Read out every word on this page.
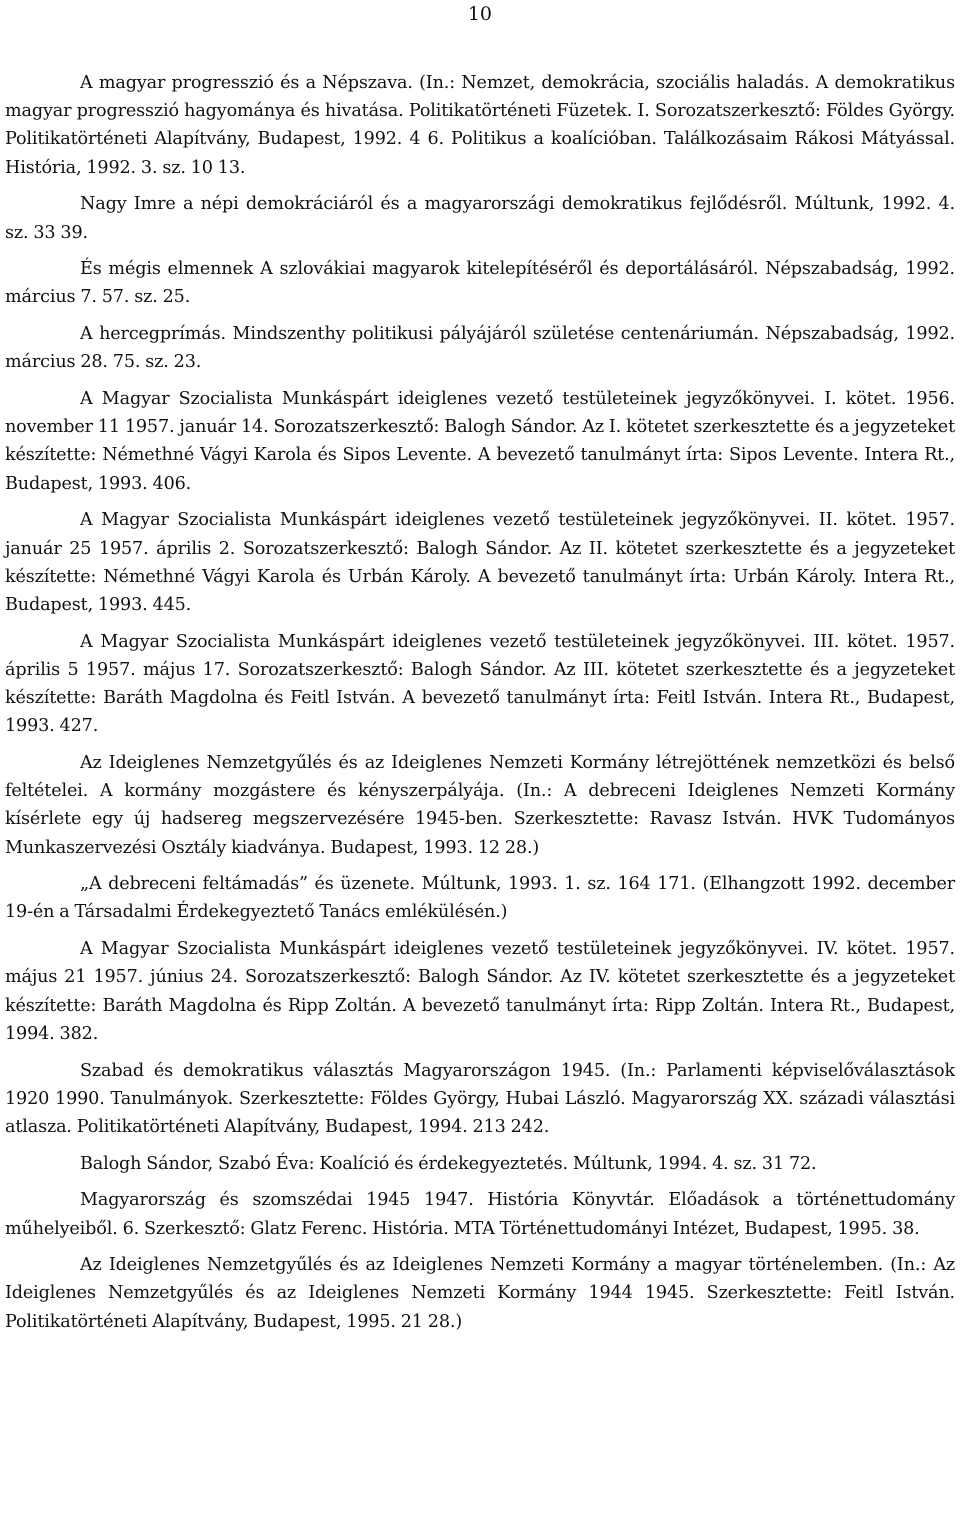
10

A magyar progresszió és a Népszava. (In.: Nemzet, demokrácia, szociális haladás. A demokratikus magyar progresszió hagyománya és hivatása. Politikatörténeti Füzetek. I. Sorozatszerkesztő: Földes György. Politikatörténeti Alapítvány, Budapest, 1992. 4 6. Politikus a koalícióban. Találkozásaim Rákosi Mátyással. História, 1992. 3. sz. 10 13.

Nagy Imre a népi demokráciáról és a magyarországi demokratikus fejlődésről. Múltunk, 1992. 4. sz. 33 39.

És mégis elmennek A szlovákiai magyarok kitelepítéséről és deportálásáról. Népszabadság, 1992. március 7. 57. sz. 25.

A hercegprímás. Mindszenthy politikusi pályájáról születése centenáriumán. Népszabadság, 1992. március 28. 75. sz. 23.

A Magyar Szocialista Munkáspárt ideiglenes vezető testületeinek jegyzőkönyvei. I. kötet. 1956. november 11 1957. január 14. Sorozatszerkesztő: Balogh Sándor. Az I. kötetet szerkesztette és a jegyzeteket készítette: Némethné Vágyi Karola és Sipos Levente. A bevezető tanulmányt írta: Sipos Levente. Intera Rt., Budapest, 1993. 406.

A Magyar Szocialista Munkáspárt ideiglenes vezető testületeinek jegyzőkönyvei. II. kötet. 1957. január 25 1957. április 2. Sorozatszerkesztő: Balogh Sándor. Az II. kötetet szerkesztette és a jegyzeteket készítette: Némethné Vágyi Karola és Urbán Károly. A bevezető tanulmányt írta: Urbán Károly. Intera Rt., Budapest, 1993. 445.

A Magyar Szocialista Munkáspárt ideiglenes vezető testületeinek jegyzőkönyvei. III. kötet. 1957. április 5 1957. május 17. Sorozatszerkesztő: Balogh Sándor. Az III. kötetet szerkesztette és a jegyzeteket készítette: Baráth Magdolna és Feitl István. A bevezető tanulmányt írta: Feitl István. Intera Rt., Budapest, 1993. 427.

Az Ideiglenes Nemzetgyűlés és az Ideiglenes Nemzeti Kormány létrejöttének nemzetközi és belső feltételei. A kormány mozgástere és kényszerpályája. (In.: A debreceni Ideiglenes Nemzeti Kormány kísérlete egy új hadsereg megszervezésére 1945-ben. Szerkesztette: Ravasz István. HVK Tudományos Munkaszervezési Osztály kiadványa. Budapest, 1993. 12 28.)

„A debreceni feltámadás” és üzenete. Múltunk, 1993. 1. sz. 164 171. (Elhangzott 1992. december 19-én a Társadalmi Érdekegyeztető Tanács emlékülésén.)

A Magyar Szocialista Munkáspárt ideiglenes vezető testületeinek jegyzőkönyvei. IV. kötet. 1957. május 21 1957. június 24. Sorozatszerkesztő: Balogh Sándor. Az IV. kötetet szerkesztette és a jegyzeteket készítette: Baráth Magdolna és Ripp Zoltán. A bevezető tanulmányt írta: Ripp Zoltán. Intera Rt., Budapest, 1994. 382.

Szabad és demokratikus választás Magyarországon 1945. (In.: Parlamenti képviselőválasztások 1920 1990. Tanulmányok. Szerkesztette: Földes György, Hubai László. Magyarország XX. századi választási atlasza. Politikatörténeti Alapítvány, Budapest, 1994. 213 242.

Balogh Sándor, Szabó Éva: Koalíció és érdekegyeztetés. Múltunk, 1994. 4. sz. 31 72.

Magyarország és szomszédai 1945 1947. História Könyvtár. Előadások a történettudomány műhelyeiből. 6. Szerkesztő: Glatz Ferenc. História. MTA Történettudományi Intézet, Budapest, 1995. 38.

Az Ideiglenes Nemzetgyűlés és az Ideiglenes Nemzeti Kormány a magyar történelemben. (In.: Az Ideiglenes Nemzetgyűlés és az Ideiglenes Nemzeti Kormány 1944 1945. Szerkesztette: Feitl István. Politikatörténeti Alapítvány, Budapest, 1995. 21 28.)
